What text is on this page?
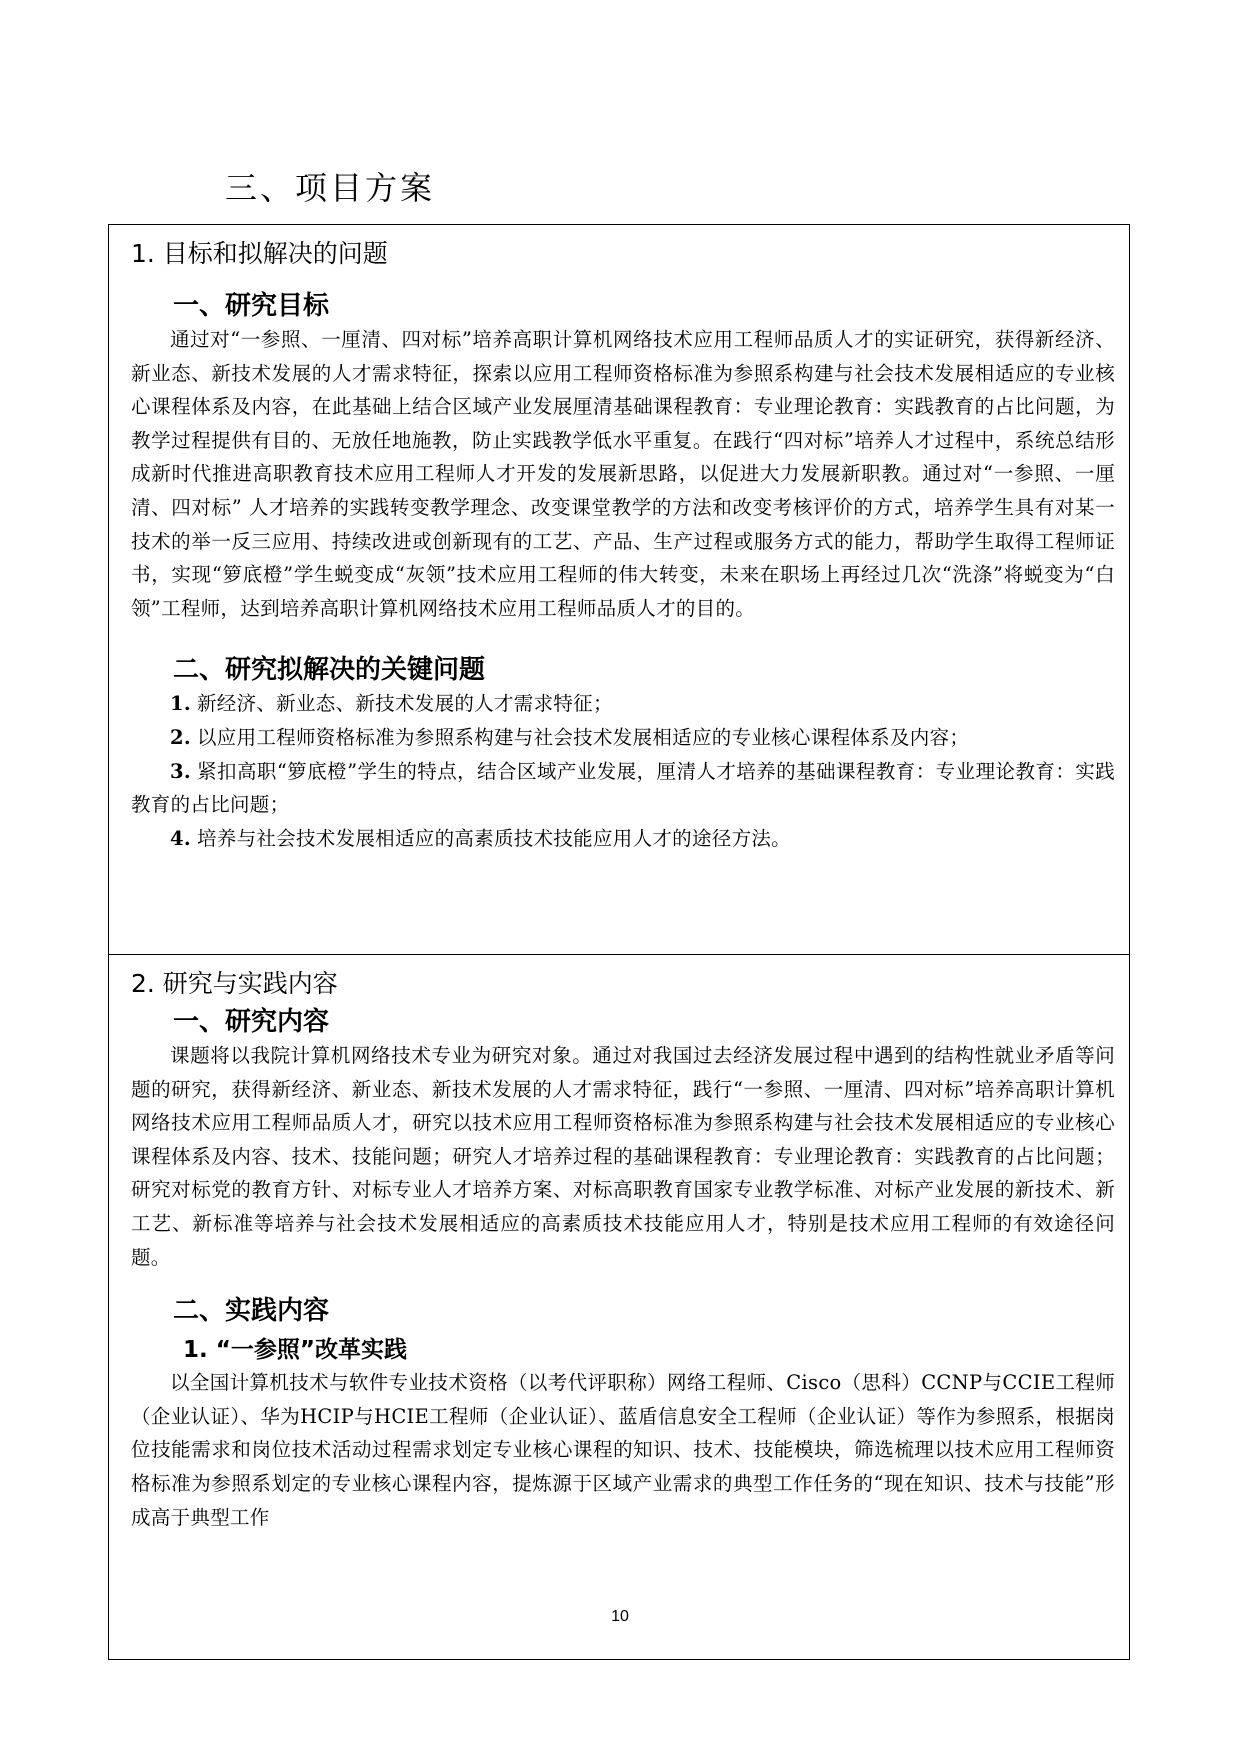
三、项目方案
1. 目标和拟解决的问题
一、研究目标

通过对“一参照、一厘清、四对标”培养高职计算机网络技术应用工程师品质人才的实证研究，获得新经济、新业态、新技术发展的人才需求特征，探索以应用工程师资格标准为参照系构建与社会技术发展相适应的专业核心课程体系及内容，在此基础上结合区域产业发展厘清基础课程教育：专业理论教育：实践教育的占比问题，为教学过程提供有目的、无放任地施教，防止实践教学低水平重复。在践行“四对标”培养人才过程中，系统总结形成新时代推进高职教育技术应用工程师人才开发的发展新思路，以促进大力发展新职教。通过对“一参照、一厘清、四对标” 人才培养的实践转变教学理念、改变课堂教学的方法和改变考核评价的方式，培养学生具有对某一技术的举一反三应用、持续改进或创新现有的工艺、产品、生产过程或服务方式的能力，帮助学生取得工程师证书，实现“箩底橙”学生蜕变成“灰领”技术应用工程师的伟大转变，未来在职场上再经过几次“洗涤”将蜕变为“白领”工程师，达到培养高职计算机网络技术应用工程师品质人才的目的。

二、研究拟解决的关键问题

1. 新经济、新业态、新技术发展的人才需求特征；

2. 以应用工程师资格标准为参照系构建与社会技术发展相适应的专业核心课程体系及内容；

3. 紧扣高职“箩底橙”学生的特点，结合区域产业发展，厘清人才培养的基础课程教育：专业理论教育：实践教育的占比问题；

4. 培养与社会技术发展相适应的高素质技术技能应用人才的途径方法。

2. 研究与实践内容
一、研究内容

课题将以我院计算机网络技术专业为研究对象。通过对我国过去经济发展过程中遇到的结构性就业矛盾等问题的研究，获得新经济、新业态、新技术发展的人才需求特征，践行“一参照、一厘清、四对标”培养高职计算机网络技术应用工程师品质人才，研究以技术应用工程师资格标准为参照系构建与社会技术发展相适应的专业核心课程体系及内容、技术、技能问题；研究人才培养过程的基础课程教育：专业理论教育：实践教育的占比问题；研究对标党的教育方针、对标专业人才培养方案、对标高职教育国家专业教学标准、对标产业发展的新技术、新工艺、新标准等培养与社会技术发展相适应的高素质技术技能应用人才，特别是技术应用工程师的有效途径问题。

二、实践内容
1. “一参照”改革实践

以全国计算机技术与软件专业技术资格（以考代评职称）网络工程师、Cisco（思科）CCNP与CCIE工程师（企业认证）、华为HCIP与HCIE工程师（企业认证）、蓝盾信息安全工程师（企业认证）等作为参照系，根据岗位技能需求和岗位技术活动过程需求划定专业核心课程的知识、技术、技能模块，筛选梳理以技术应用工程师资格标准为参照系划定的专业核心课程内容，提炼源于区域产业需求的典型工作任务的“现在知识、技术与技能”形成高于典型工作

10
